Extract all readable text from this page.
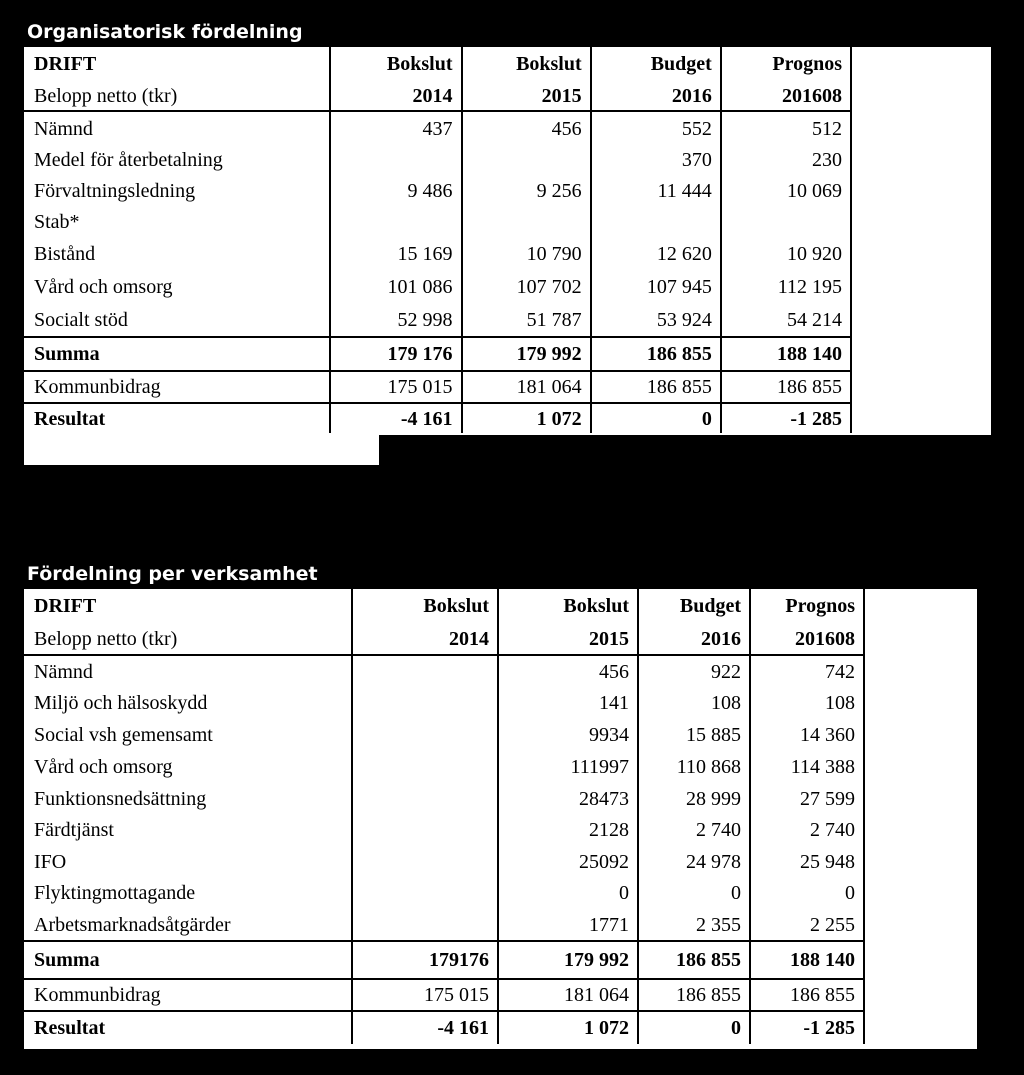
Organisatorisk fördelning
*Ny enhet, budgeteras separat fr 2017
Fördelning per verksamhet
DRIFT	Bokslut	Bokslut	Budget	Prognos
Belopp netto (tkr)	2014	2015	2016	201608
Nämnd	437	456	552	512
Medel för återbetalning			370	230
Förvaltningsledning	9 486	9 256	11 444	10 069
Stab*				
Bistånd	15 169	10 790	12 620	10 920
Vård och omsorg	101 086	107 702	107 945	112 195
Socialt stöd	52 998	51 787	53 924	54 214
Summa	179 176	179 992	186 855	188 140
Kommunbidrag	175 015	181 064	186 855	186 855
Resultat	-4 161	1 072	0	-1 285
DRIFT	Bokslut	Bokslut	Budget	Prognos
Belopp netto (tkr)	2014	2015	2016	201608
Nämnd		456	922	742
Miljö och hälsoskydd		141	108	108
Social vsh gemensamt		9934	15 885	14 360
Vård och omsorg		111997	110 868	114 388
Funktionsnedsättning		28473	28 999	27 599
Färdtjänst		2128	2 740	2 740
IFO		25092	24 978	25 948
Flyktingmottagande		0	0	0
Arbetsmarknadsåtgärder		1771	2 355	2 255
Summa	179176	179 992	186 855	188 140
Kommunbidrag	175 015	181 064	186 855	186 855
Resultat	-4 161	1 072	0	-1 285
